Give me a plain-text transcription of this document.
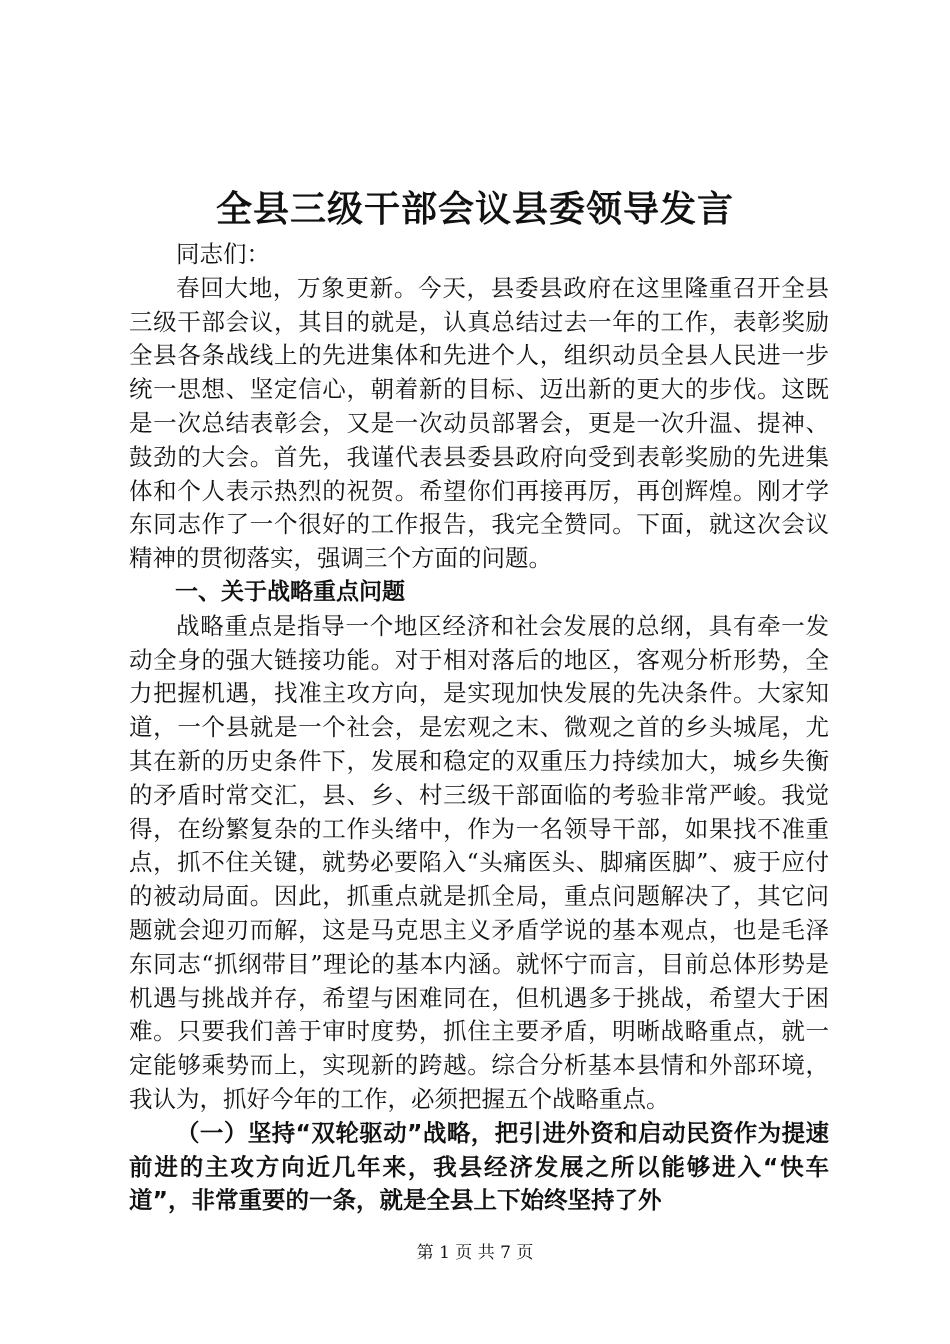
全县三级干部会议县委领导发言

同志们：

春回大地，万象更新。今天，县委县政府在这里隆重召开全县三级干部会议，其目的就是，认真总结过去一年的工作，表彰奖励全县各条战线上的先进集体和先进个人，组织动员全县人民进一步统一思想、坚定信心，朝着新的目标、迈出新的更大的步伐。这既是一次总结表彰会，又是一次动员部署会，更是一次升温、提神、鼓劲的大会。首先，我谨代表县委县政府向受到表彰奖励的先进集体和个人表示热烈的祝贺。希望你们再接再厉，再创辉煌。刚才学东同志作了一个很好的工作报告，我完全赞同。下面，就这次会议精神的贯彻落实，强调三个方面的问题。

一、关于战略重点问题

战略重点是指导一个地区经济和社会发展的总纲，具有牵一发动全身的强大链接功能。对于相对落后的地区，客观分析形势，全力把握机遇，找准主攻方向，是实现加快发展的先决条件。大家知道，一个县就是一个社会，是宏观之末、微观之首的乡头城尾，尤其在新的历史条件下，发展和稳定的双重压力持续加大，城乡失衡的矛盾时常交汇，县、乡、村三级干部面临的考验非常严峻。我觉得，在纷繁复杂的工作头绪中，作为一名领导干部，如果找不准重点，抓不住关键，就势必要陷入“头痛医头、脚痛医脚”、疲于应付的被动局面。因此，抓重点就是抓全局，重点问题解决了，其它问题就会迎刃而解，这是马克思主义矛盾学说的基本观点，也是毛泽东同志“抓纲带目”理论的基本内涵。就怀宁而言，目前总体形势是机遇与挑战并存，希望与困难同在，但机遇多于挑战，希望大于困难。只要我们善于审时度势，抓住主要矛盾，明晰战略重点，就一定能够乘势而上，实现新的跨越。综合分析基本县情和外部环境，我认为，抓好今年的工作，必须把握五个战略重点。

（一）坚持“双轮驱动”战略，把引进外资和启动民资作为提速前进的主攻方向近几年来，我县经济发展之所以能够进入“快车道”，非常重要的一条，就是全县上下始终坚持了外

第 1 页 共 7 页
